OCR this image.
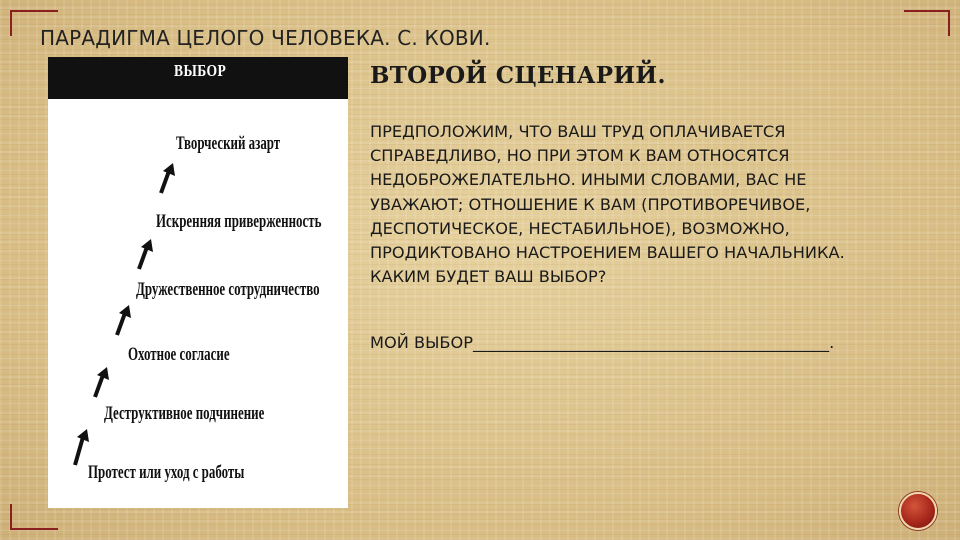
ПАРАДИГМА ЦЕЛОГО ЧЕЛОВЕКА. С. КОВИ.
ВЫБОР
Творческий азарт
Искренняя приверженность
Дружественное сотрудничество
Охотное согласие
Деструктивное подчинение
Протест или уход с работы
ВТОРОЙ СЦЕНАРИЙ.

ПРЕДПОЛОЖИМ, ЧТО ВАШ ТРУД ОПЛАЧИВАЕТСЯ СПРАВЕДЛИВО, НО ПРИ ЭТОМ К ВАМ ОТНОСЯТСЯ НЕДОБРОЖЕЛАТЕЛЬНО. ИНЫМИ СЛОВАМИ, ВАС НЕ УВАЖАЮТ; ОТНОШЕНИЕ К ВАМ (ПРОТИВОРЕЧИВОЕ, ДЕСПОТИЧЕСКОЕ, НЕСТАБИЛЬНОЕ), ВОЗМОЖНО, ПРОДИКТОВАНО НАСТРОЕНИЕМ ВАШЕГО НАЧАЛЬНИКА. КАКИМ БУДЕТ ВАШ ВЫБОР?

МОЙ ВЫБОР____________________________________________.
